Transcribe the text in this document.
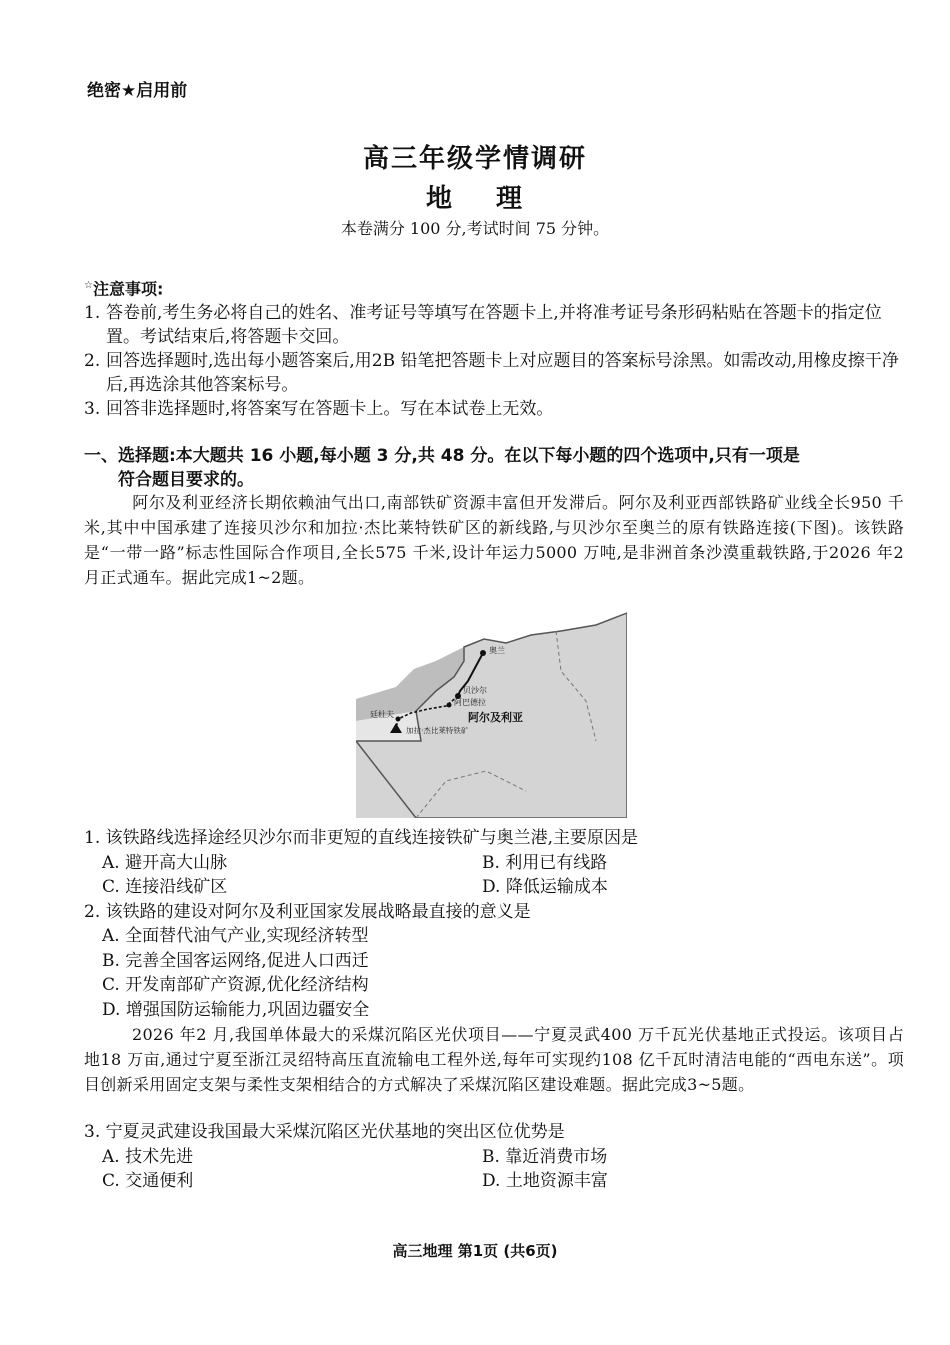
绝密★启用前
高三年级学情调研
地 理
本卷满分 100 分,考试时间 75 分钟。
☆注意事项:
1. 答卷前,考生务必将自己的姓名、准考证号等填写在答题卡上,并将准考证号条形码粘贴在答题卡的指定位置。考试结束后,将答题卡交回。
2. 回答选择题时,选出每小题答案后,用2B 铅笔把答题卡上对应题目的答案标号涂黑。如需改动,用橡皮擦干净后,再选涂其他答案标号。
3. 回答非选择题时,将答案写在答题卡上。写在本试卷上无效。
一、选择题:本大题共 16 小题,每小题 3 分,共 48 分。在以下每小题的四个选项中,只有一项是
符合题目要求的。
阿尔及利亚经济长期依赖油气出口,南部铁矿资源丰富但开发滞后。阿尔及利亚西部铁路矿业线全长950 千米,其中中国承建了连接贝沙尔和加拉·杰比莱特铁矿区的新线路,与贝沙尔至奥兰的原有铁路连接(下图)。该铁路是“一带一路”标志性国际合作项目,全长575 千米,设计年运力5000 万吨,是非洲首条沙漠重载铁路,于2026 年2 月正式通车。据此完成1~2题。
奥兰
贝沙尔
阿巴德拉
廷杜夫
加拉·杰比莱特铁矿
阿尔及利亚
1. 该铁路线选择途经贝沙尔而非更短的直线连接铁矿与奥兰港,主要原因是
A. 避开高大山脉	B. 利用已有线路
C. 连接沿线矿区	D. 降低运输成本
2. 该铁路的建设对阿尔及利亚国家发展战略最直接的意义是
A. 全面替代油气产业,实现经济转型
B. 完善全国客运网络,促进人口西迁
C. 开发南部矿产资源,优化经济结构
D. 增强国防运输能力,巩固边疆安全
2026 年2 月,我国单体最大的采煤沉陷区光伏项目——宁夏灵武400 万千瓦光伏基地正式投运。该项目占地18 万亩,通过宁夏至浙江灵绍特高压直流输电工程外送,每年可实现约108 亿千瓦时清洁电能的“西电东送”。项目创新采用固定支架与柔性支架相结合的方式解决了采煤沉陷区建设难题。据此完成3~5题。
3. 宁夏灵武建设我国最大采煤沉陷区光伏基地的突出区位优势是
A. 技术先进	B. 靠近消费市场
C. 交通便利	D. 土地资源丰富
高三地理 第1页 (共6页)
